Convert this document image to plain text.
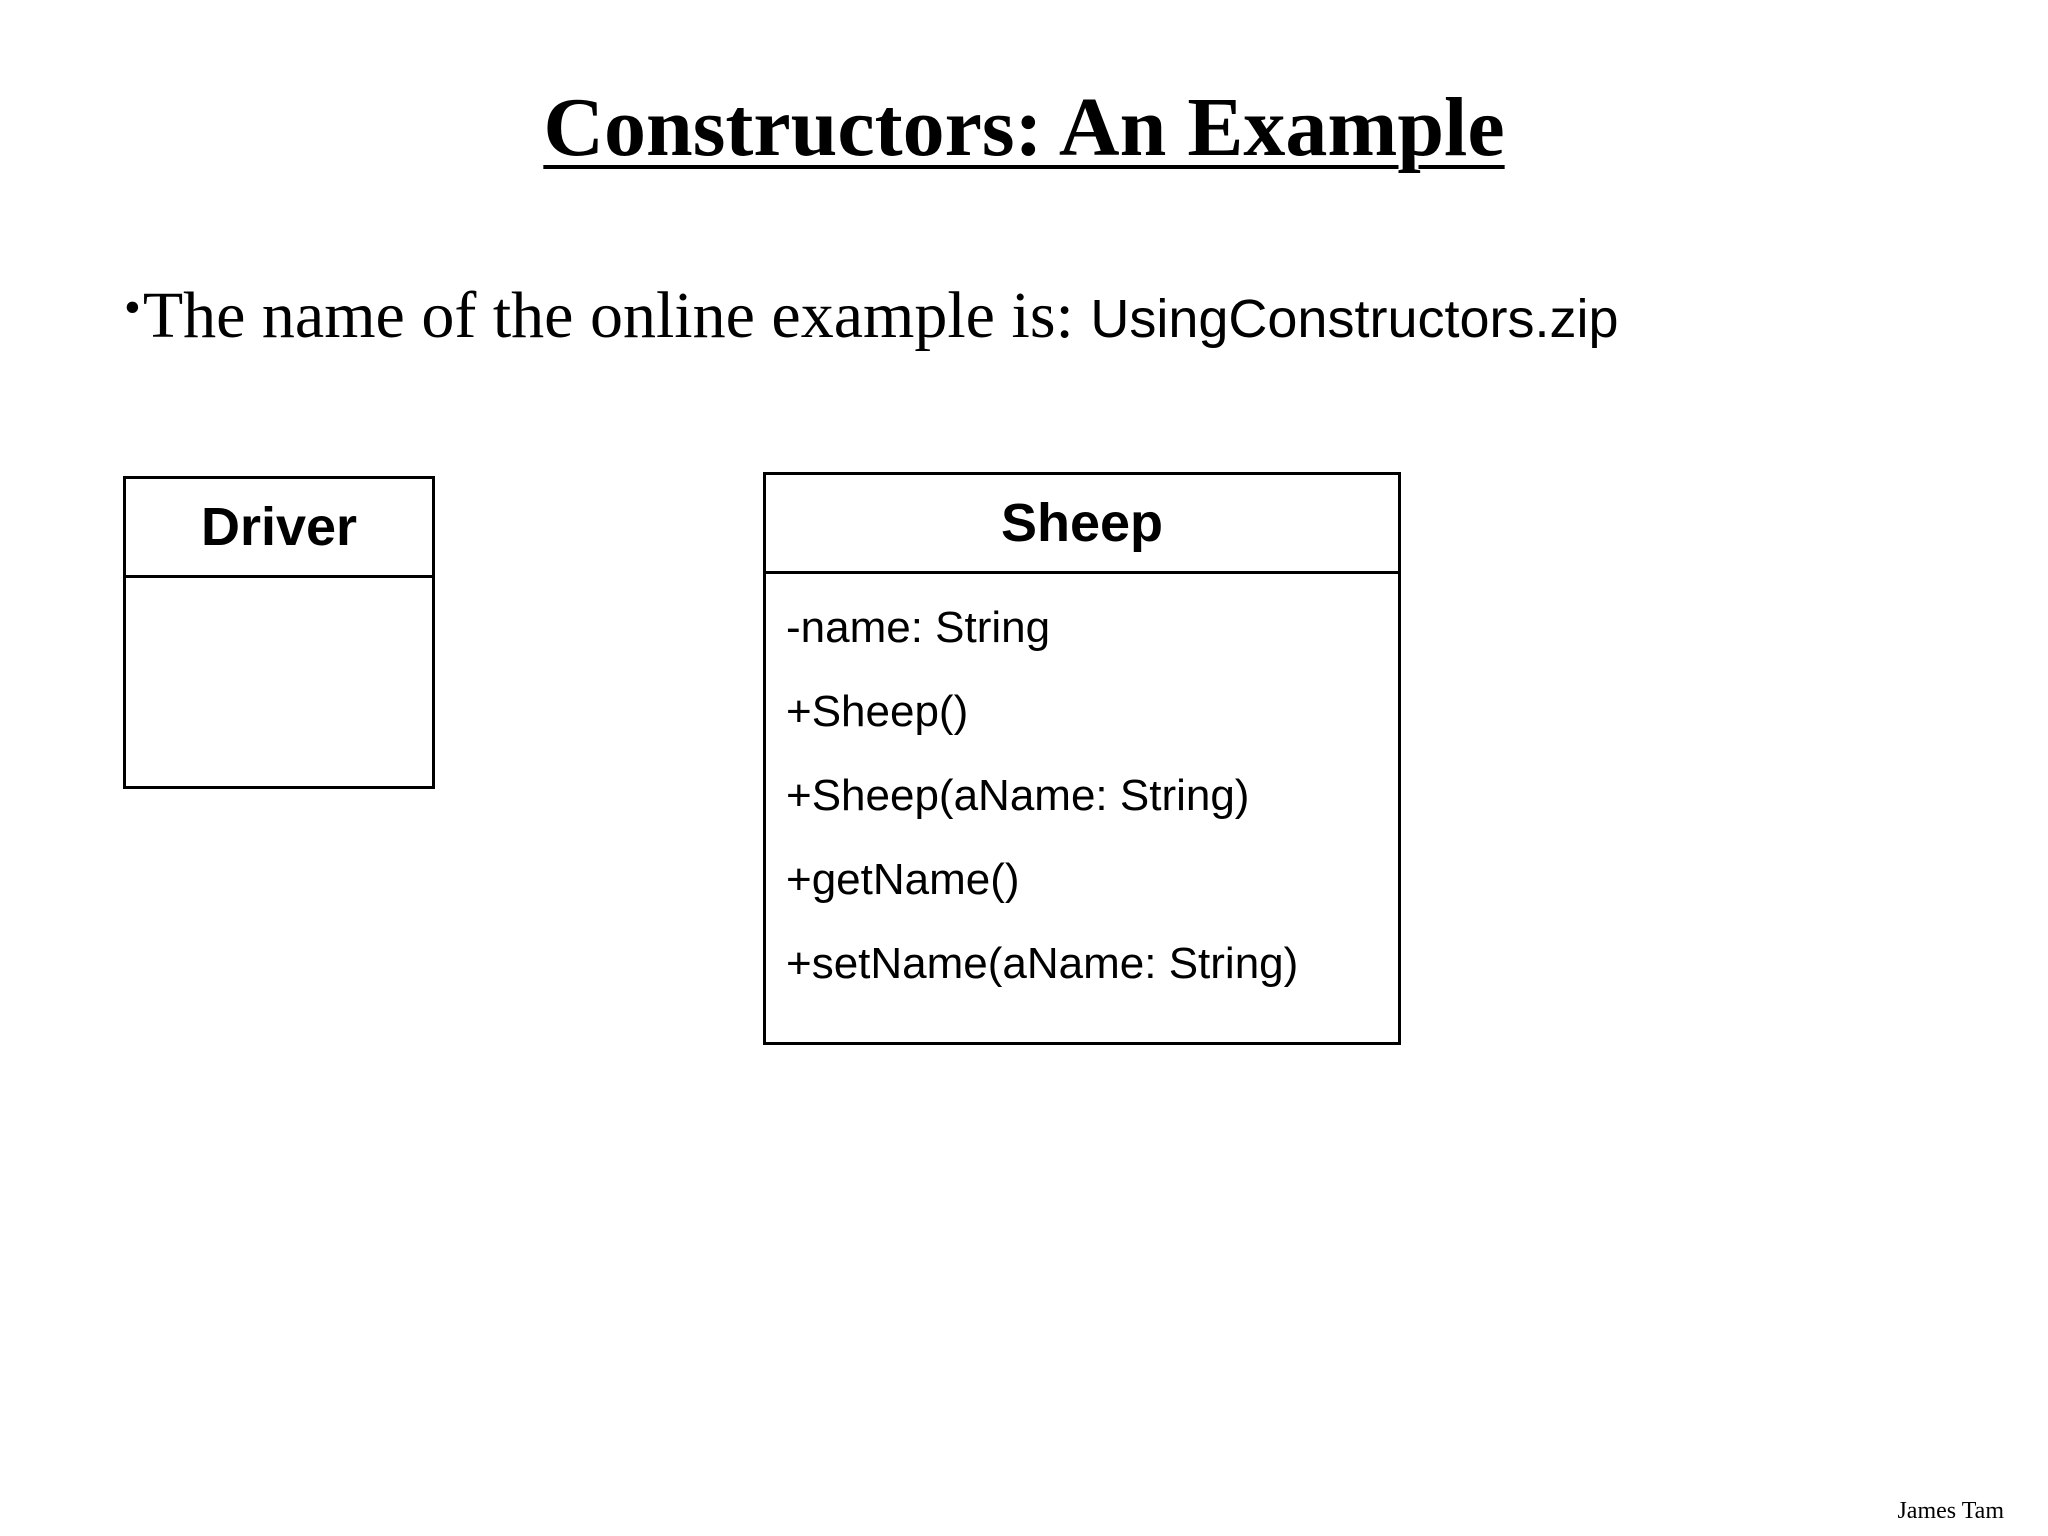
Constructors: An Example
•The name of the online example is: UsingConstructors.zip
Driver	Sheep
-name: String
+Sheep()
+Sheep(aName: String)
+getName()
+setName(aName: String)
James Tam
